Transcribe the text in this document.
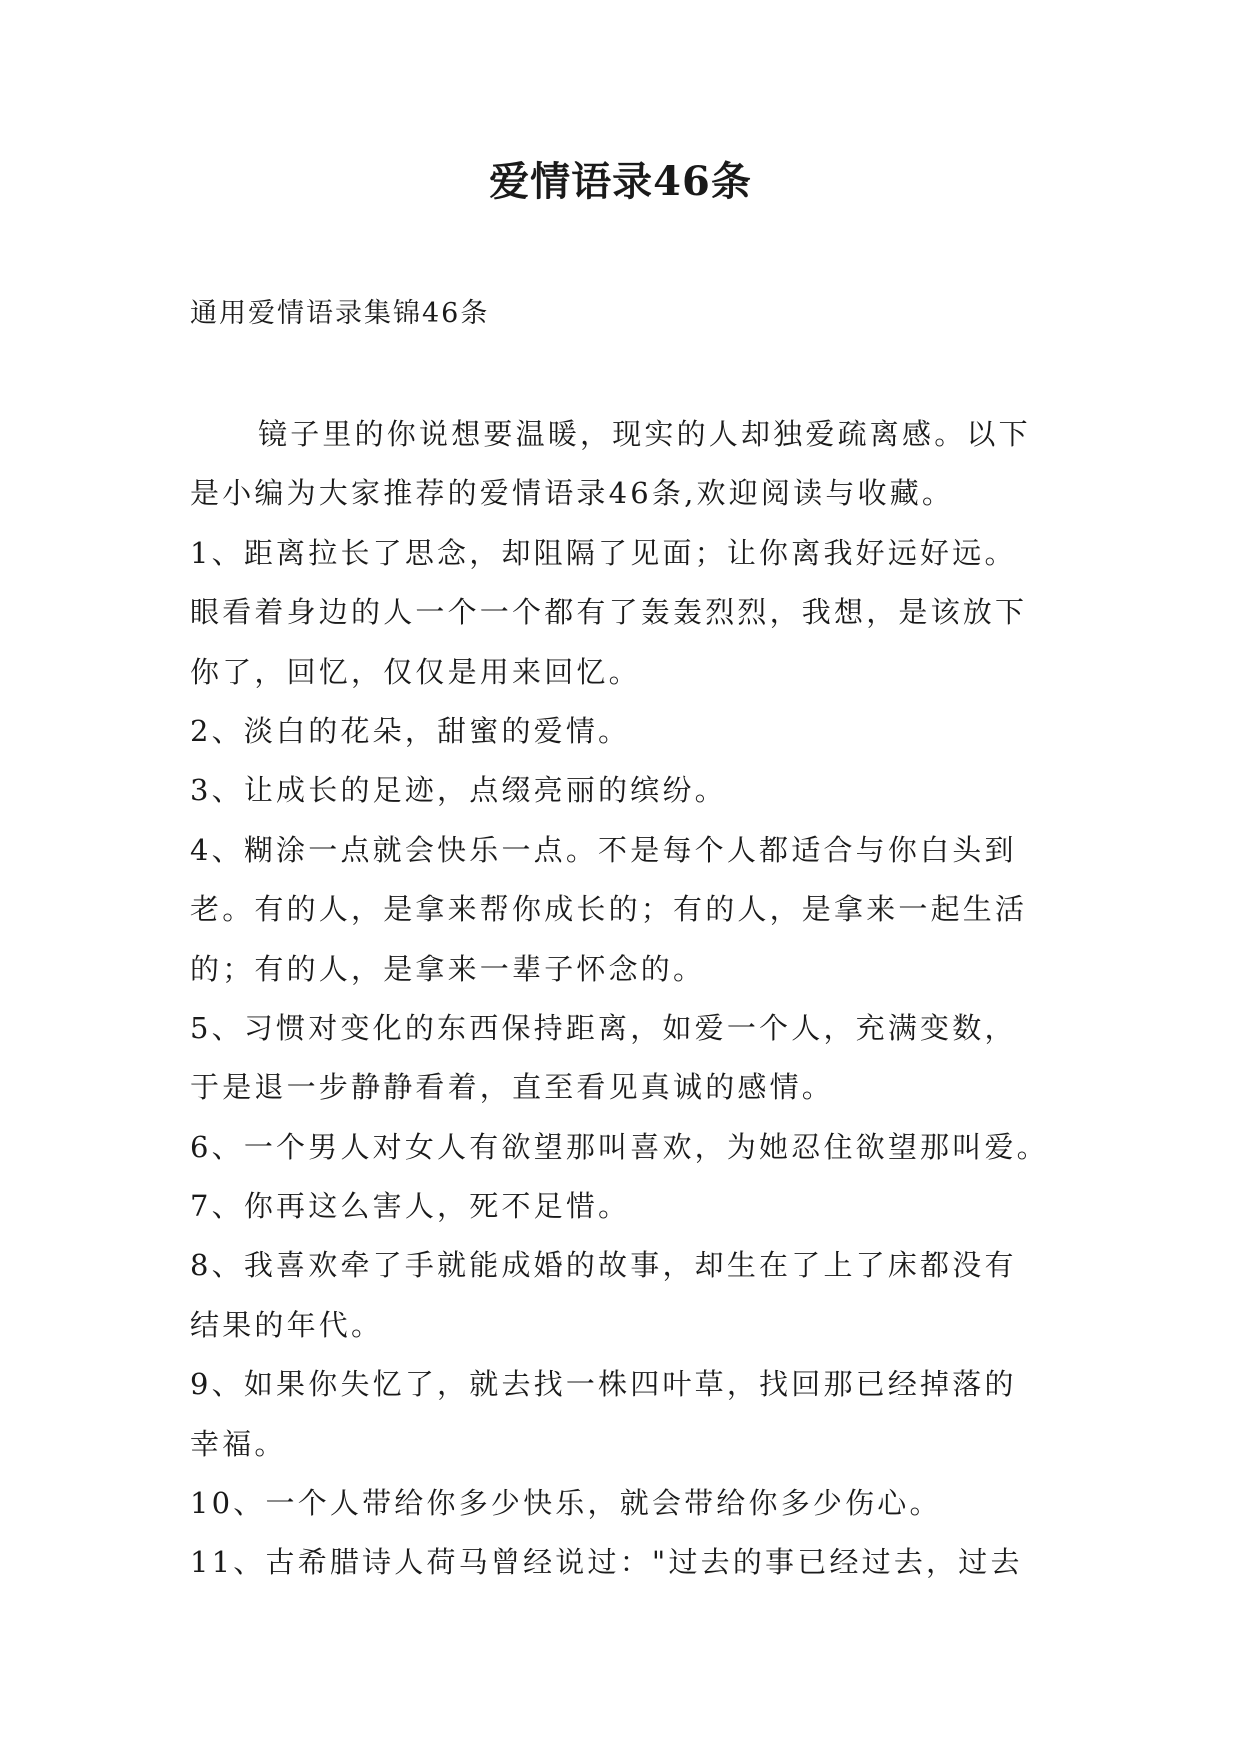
爱情语录46条
通用爱情语录集锦46条
镜子里的你说想要温暖，现实的人却独爱疏离感。以下
是小编为大家推荐的爱情语录46条,欢迎阅读与收藏。
1、距离拉长了思念，却阻隔了见面；让你离我好远好远。
眼看着身边的人一个一个都有了轰轰烈烈，我想，是该放下
你了，回忆，仅仅是用来回忆。
2、淡白的花朵，甜蜜的爱情。
3、让成长的足迹，点缀亮丽的缤纷。
4、糊涂一点就会快乐一点。不是每个人都适合与你白头到
老。有的人，是拿来帮你成长的；有的人，是拿来一起生活
的；有的人，是拿来一辈子怀念的。
5、习惯对变化的东西保持距离，如爱一个人，充满变数，
于是退一步静静看着，直至看见真诚的感情。
6、一个男人对女人有欲望那叫喜欢，为她忍住欲望那叫爱。
7、你再这么害人，死不足惜。
8、我喜欢牵了手就能成婚的故事，却生在了上了床都没有
结果的年代。
9、如果你失忆了，就去找一株四叶草，找回那已经掉落的
幸福。
10、一个人带给你多少快乐，就会带给你多少伤心。
11、古希腊诗人荷马曾经说过："过去的事已经过去，过去
